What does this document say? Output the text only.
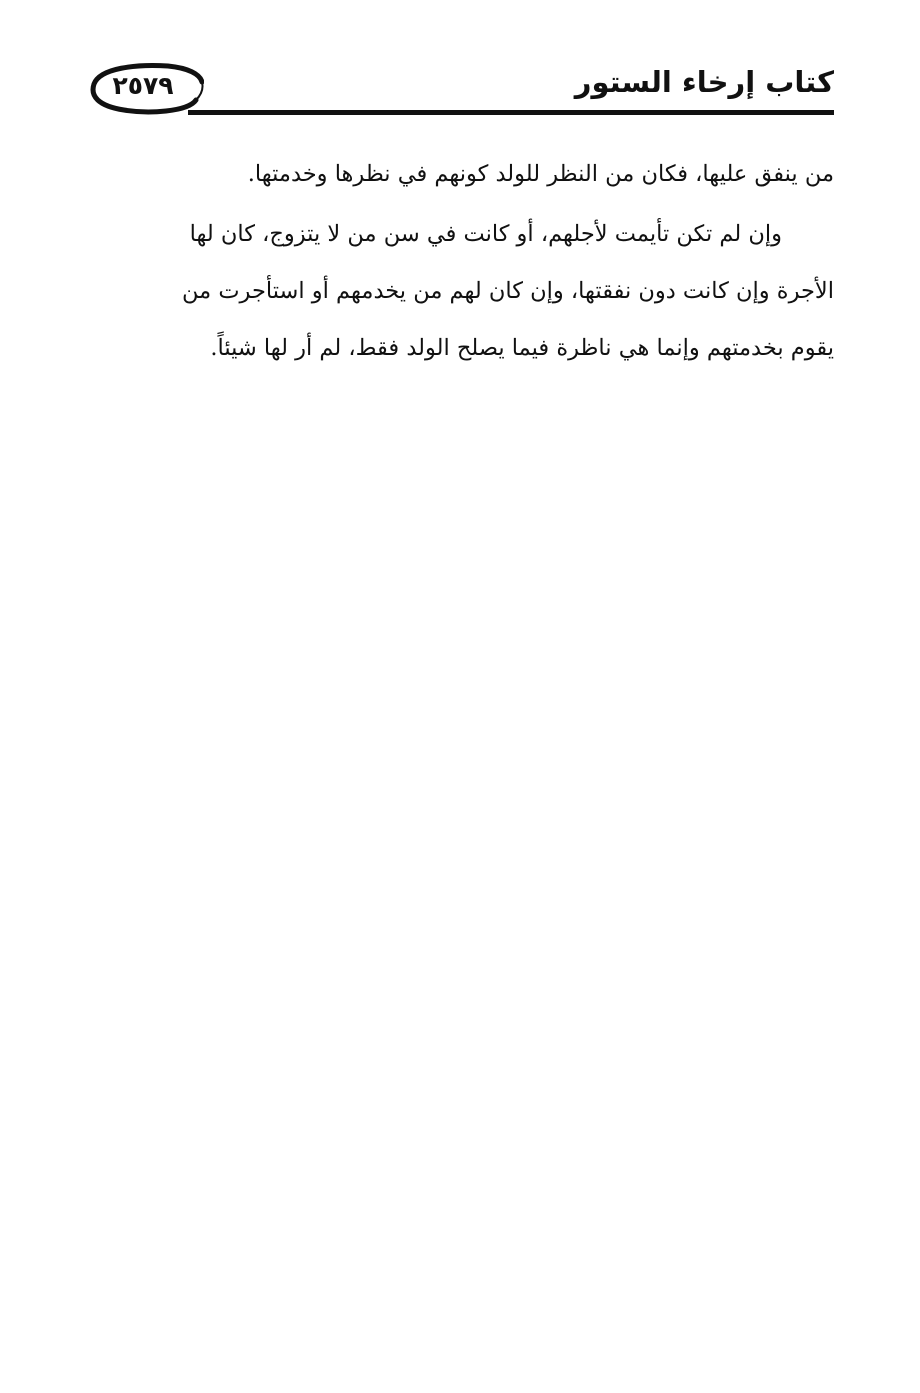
٢٥٧٩	كتاب إرخاء الستور
من ينفق عليها، فكان من النظر للولد كونهم في نظرها وخدمتها.
وإن لم تكن تأيمت لأجلهم، أو كانت في سن من لا يتزوج، كان لها
الأجرة وإن كانت دون نفقتها، وإن كان لهم من يخدمهم أو استأجرت من
يقوم بخدمتهم وإنما هي ناظرة فيما يصلح الولد فقط، لم أر لها شيئاً.
